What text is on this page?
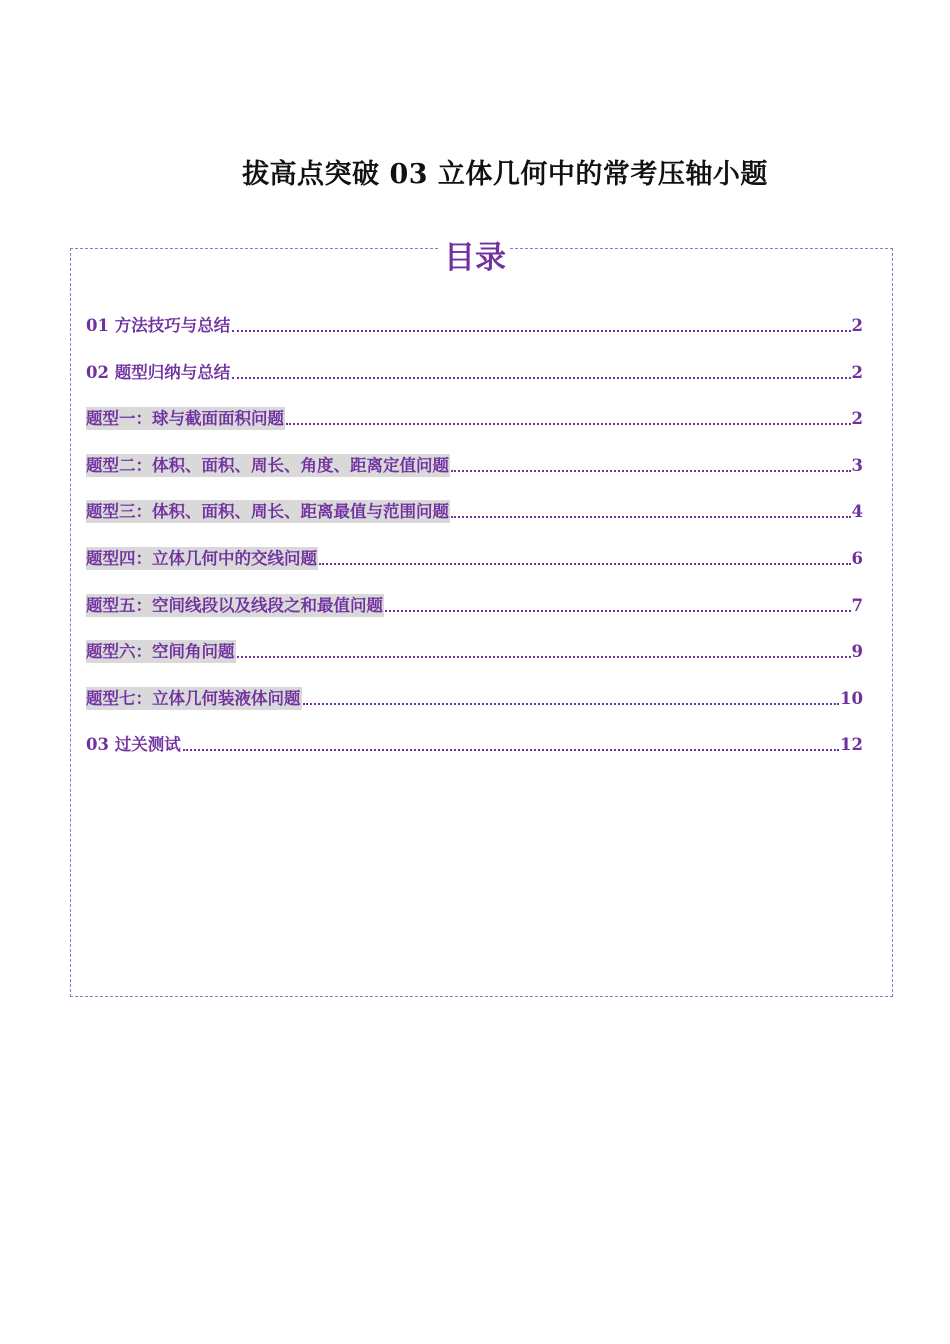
拔高点突破 03 立体几何中的常考压轴小题
目录
01 方法技巧与总结	2
02 题型归纳与总结	2
题型一：球与截面面积问题	2
题型二：体积、面积、周长、角度、距离定值问题	3
题型三：体积、面积、周长、距离最值与范围问题	4
题型四：立体几何中的交线问题	6
题型五：空间线段以及线段之和最值问题	7
题型六：空间角问题	9
题型七：立体几何装液体问题	10
03 过关测试	12
